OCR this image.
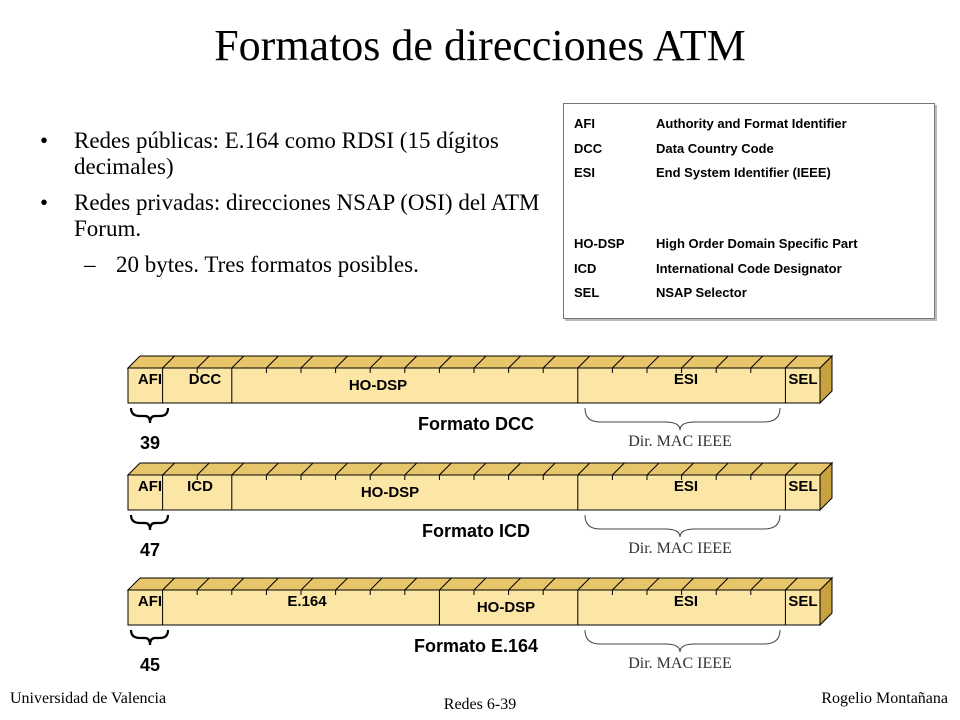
Formatos de direcciones ATM
• Redes públicas: E.164 como RDSI (15 dígitos decimales)
• Redes privadas: direcciones NSAP (OSI) del ATM Forum.
– 20 bytes. Tres formatos posibles.
AFI	Authority and Format Identifier
DCC	Data Country Code
ESI	End System Identifier (IEEE)
HO-DSP High Order Domain Specific Part
ICD	International Code Designator
SEL	NSAP Selector
AFI DCC	HO-DSP	ESI	SEL
39
Formato DCC
Dir. MAC IEEE
AFI ICD	HO-DSP	ESI	SEL
47
Formato ICD
Dir. MAC IEEE
AFI	E.164	HO-DSP	ESI	SEL
45
Formato E.164
Dir. MAC IEEE
Universidad de Valencia	Redes 6-39	Rogelio Montañana
